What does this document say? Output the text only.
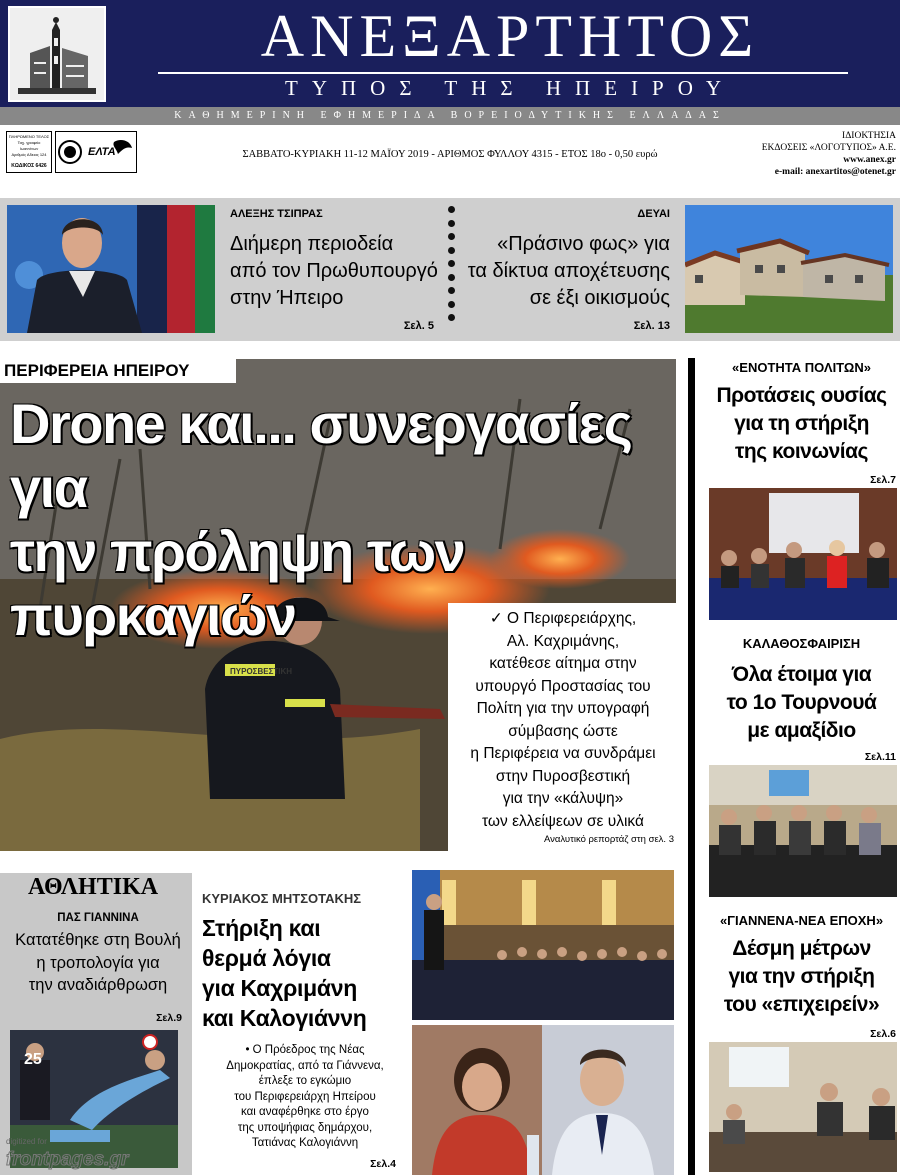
ΑΝΕΞΑΡΤΗΤΟΣ
ΤΥΠΟΣ ΤΗΣ ΗΠΕΙΡΟΥ
ΚΑΘΗΜΕΡΙΝΗ ΕΦΗΜΕΡΙΔΑ ΒΟΡΕΙΟΔΥΤΙΚΗΣ ΕΛΛΑΔΑΣ
ΠΛΗΡΩΜΕΝΟ ΤΕΛΟΣ
Ταχ. γραφείο
Ιωαννίνων
Αριθμός Αδειας 124
ΚΩΔΙΚΟΣ 6426
ΕΛΤΑ	ΣΑΒΒΑΤΟ-ΚΥΡΙΑΚΗ 11-12 ΜΑΪΟΥ 2019 - ΑΡΙΘΜΟΣ ΦΥΛΛΟΥ 4315 - ΕΤΟΣ 18ο - 0,50 ευρώ
ΙΔΙΟΚΤΗΣΙΑ
ΕΚΔΟΣΕΙΣ «ΛΟΓΟΤΥΠΟΣ» Α.Ε.
www.anex.gr
e-mail: anexartitos@otenet.gr
ΑΛΕΞΗΣ ΤΣΙΠΡΑΣ
Διήμερη περιοδεία
από τον Πρωθυπουργό
στην Ήπειρο
Σελ. 5
ΔΕΥΑΙ
«Πράσινο φως» για
τα δίκτυα αποχέτευσης
σε έξι οικισμούς
Σελ. 13
ΠΥΡΟΣΒΕΣΤΙΚΗ
ΠΕΡΙΦΕΡΕΙΑ ΗΠΕΙΡΟΥ
Drone και... συνεργασίες για
την πρόληψη των πυρκαγιών	✓ Ο Περιφερειάρχης,
Αλ. Καχριμάνης,
κατέθεσε αίτημα στην
υπουργό Προστασίας του
Πολίτη για την υπογραφή
σύμβασης ώστε
η Περιφέρεια να συνδράμει
στην Πυροσβεστική
για την «κάλυψη»
των ελλείψεων σε υλικά
Αναλυτικό ρεπορτάζ στη σελ. 3
«ΕΝΟΤΗΤΑ ΠΟΛΙΤΩΝ»
Προτάσεις ουσίας
για τη στήριξη
της κοινωνίας
Σελ.7
ΚΑΛΑΘΟΣΦΑΙΡΙΣΗ
Όλα έτοιμα για
το 1ο Τουρνουά
με αμαξίδιο
Σελ.11
«ΓΙΑΝΝΕΝΑ-ΝΕΑ ΕΠΟΧΗ»
Δέσμη μέτρων
για την στήριξη
του «επιχειρείν»
Σελ.6
ΑΘΛΗΤΙΚΑ
ΠΑΣ ΓΙΑΝΝΙΝΑ
Κατατέθηκε στη Βουλή
η τροπολογία για
την αναδιάρθρωση
Σελ.9
25
ΚΥΡΙΑΚΟΣ ΜΗΤΣΟΤΑΚΗΣ
Στήριξη και
θερμά λόγια
για Καχριμάνη
και Καλογιάννη
• Ο Πρόεδρος της Νέας
Δημοκρατίας, από τα Γιάννενα,
έπλεξε το εγκώμιο
του Περιφερειάρχη Ηπείρου
και αναφέρθηκε στο έργο
της υποψήφιας δημάρχου,
Τατιάνας Καλογιάννη
Σελ.4
digitized for
frontpages.gr
